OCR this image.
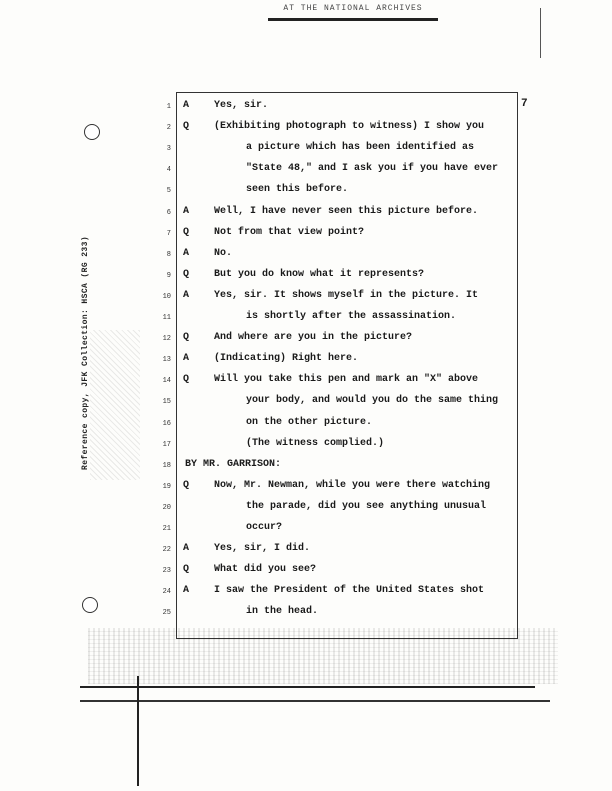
AT THE NATIONAL ARCHIVES
7
Reference copy, JFK Collection: HSCA (RG 233)
1 A Yes, sir.
2 Q (Exhibiting photograph to witness) I show you
3	a picture which has been identified as
4	"State 48," and I ask you if you have ever
5	seen this before.
6 A Well, I have never seen this picture before.
7 Q Not from that view point?
8 A No.
9 Q But you do know what it represents?
10 A Yes, sir. It shows myself in the picture. It
11	is shortly after the assassination.
12 Q And where are you in the picture?
13 A (Indicating) Right here.
14 Q Will you take this pen and mark an "X" above
15	your body, and would you do the same thing
16	on the other picture.
17	(The witness complied.)
18 BY MR. GARRISON:
19 Q Now, Mr. Newman, while you were there watching
20	the parade, did you see anything unusual
21	occur?
22 A Yes, sir, I did.
23 Q What did you see?
24 A I saw the President of the United States shot
25	in the head.
